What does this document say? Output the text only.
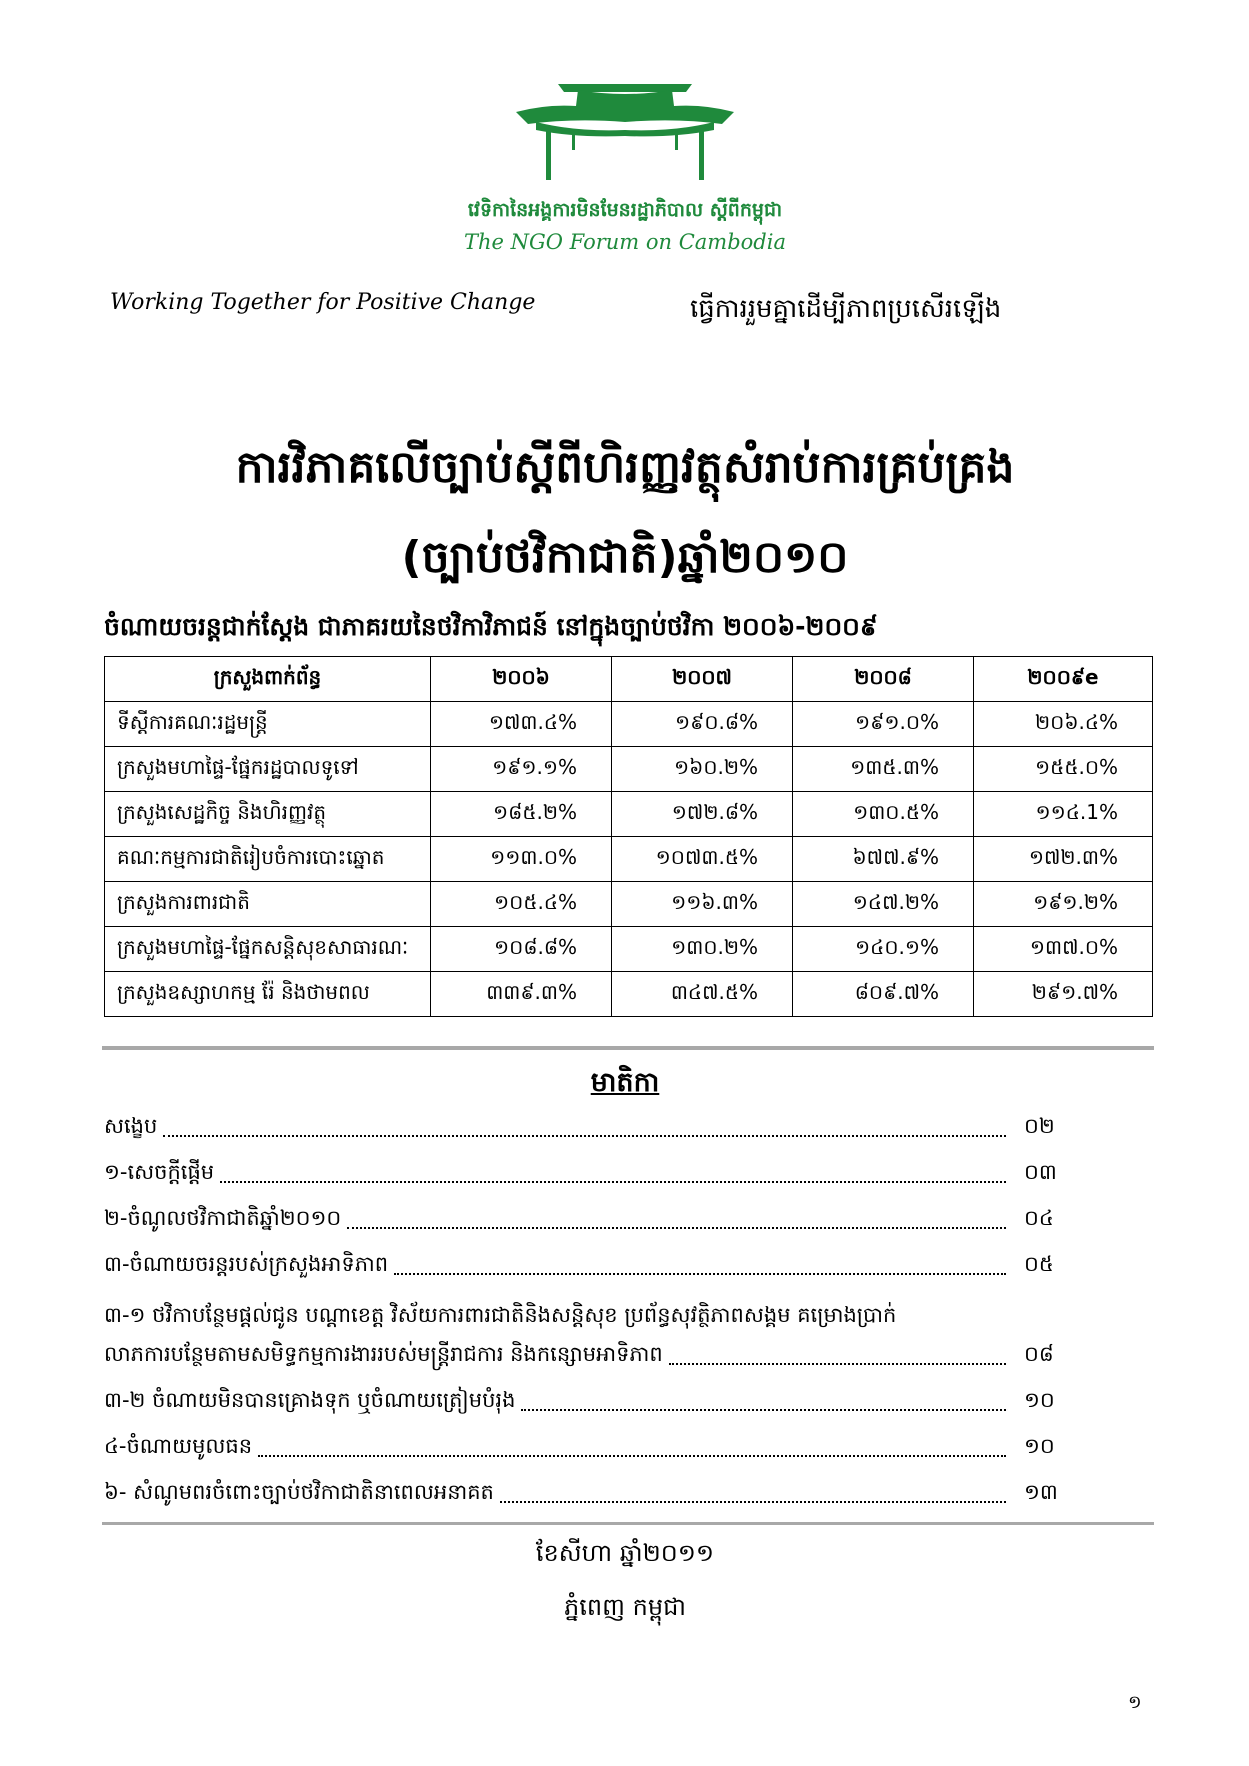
វេទិកានៃអង្គការមិនមែនរដ្ឋាភិបាល ស្តីពីកម្ពុជា
The NGO Forum on Cambodia
Working Together for Positive Change	ធ្វើការរួមគ្នាដើម្បីភាពប្រសើរឡើង
ការវិភាគលើច្បាប់ស្តីពីហិរញ្ញវត្ថុសំរាប់ការគ្រប់គ្រង
(ច្បាប់ថវិកាជាតិ)ឆ្នាំ២០១០
ចំណាយចរន្តជាក់ស្តែង ជាភាគរយនៃថវិកាវិភាជន៍ នៅក្នុងច្បាប់ថវិកា ២០០៦-២០០៩
ក្រសួងពាក់ព័ន្ធ	២០០៦	២០០៧	២០០៨	២០០៩e
ទីស្តីការគណៈរដ្ឋមន្ត្រី	១៧៣.៤%	១៩០.៨%	១៩១.០%	២០៦.៤%
ក្រសួងមហាផ្ទៃ-ផ្នែករដ្ឋបាលទូទៅ	១៩១.១%	១៦០.២%	១៣៥.៣%	១៥៥.០%
ក្រសួងសេដ្ឋកិច្ច និងហិរញ្ញវត្ថុ	១៨៥.២%	១៧២.៨%	១៣០.៥%	១១៤.1%
គណៈកម្មការជាតិរៀបចំការបោះឆ្នោត	១១៣.០%	១០៧៣.៥%	៦៧៧.៩%	១៧២.៣%
ក្រសួងការពារជាតិ	១០៥.៤%	១១៦.៣%	១៤៧.២%	១៩១.២%
ក្រសួងមហាផ្ទៃ-ផ្នែកសន្តិសុខសាធារណៈ	១០៨.៨%	១៣០.២%	១៤០.១%	១៣៧.០%
ក្រសួងឧស្សាហកម្ម រ៉ែ និងថាមពល	៣៣៩.៣%	៣៤៧.៥%	៨០៩.៧%	២៩១.៧%
មាតិកា
សង្ខេប	០២
១-សេចក្តីផ្តើម	០៣
២-ចំណូលថវិកាជាតិឆ្នាំ២០១០	០៤
៣-ចំណាយចរន្តរបស់ក្រសួងអាទិភាព	០៥
៣-១ ថវិកាបន្ថែមផ្តល់ជូន បណ្តាខេត្ត វិស័យការពារជាតិនិងសន្តិសុខ ប្រព័ន្ធសុវត្ថិភាពសង្គម គម្រោងប្រាក់
លាភការបន្ថែមតាមសមិទ្ធកម្មការងាររបស់មន្ត្រីរាជការ និងកន្សោមអាទិភាព	០៨
៣-២ ចំណាយមិនបានគ្រោងទុក ឬចំណាយត្រៀមបំរុង	១០
៤-ចំណាយមូលធន	១០
៦- សំណូមពរចំពោះច្បាប់ថវិកាជាតិនាពេលអនាគត	១៣
ខែសីហា ឆ្នាំ២០១១
ភ្នំពេញ កម្ពុជា
១
